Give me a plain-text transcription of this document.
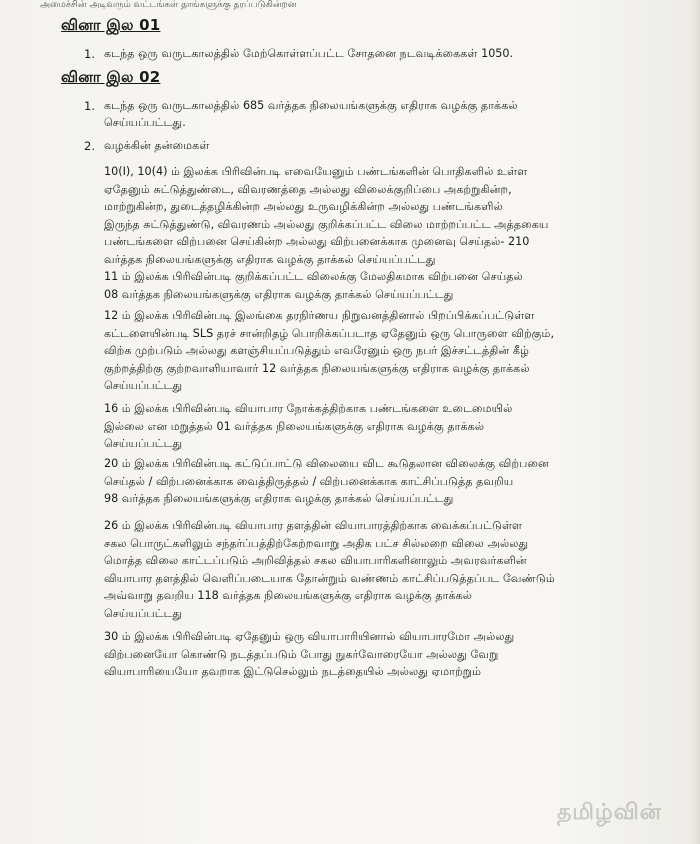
அமைச்சின் அடிவரும் வட்டங்கள் தாங்களுக்கு தரப்படுகின்றன
வினா இல 01
1. கடந்த ஒரு வருடகாலத்தில் மேற்கொள்ளப்பட்ட சோதனை நடவடிக்கைகள் 1050.
வினா இல 02
1. கடந்த ஒரு வருடகாலத்தில் 685 வர்த்தக நிலையங்களுக்கு எதிராக வழக்கு தாக்கல்
செய்யப்பட்டது.
2. வழக்கின் தன்மைகள்
10(I), 10(4) ம் இலக்க பிரிவின்படி எவையேனும் பண்டங்களின் பொதிகளில் உள்ள
ஏதேனும் சுட்டுத்துண்டை, விவரணத்தை அல்லது விலைக்குறிப்பை அகற்றுகின்ற,
மாற்றுகின்ற, துடைத்தழிக்கின்ற அல்லது உருவழிக்கின்ற அல்லது பண்டங்களில்
இருந்த சுட்டுத்துண்டு, விவரணம் அல்லது குறிக்கப்பட்ட விலை மாற்றப்பட்ட அத்தகைய
பண்டங்களை விற்பனை செய்கின்ற அல்லது விற்பனைக்காக முனைவு செய்தல்- 210
வர்த்தக நிலையங்களுக்கு எதிராக வழக்கு தாக்கல் செய்யப்பட்டது
11 ம் இலக்க பிரிவின்படி குறிக்கப்பட்ட விலைக்கு மேலதிகமாக விற்பனை செய்தல்
08 வர்த்தக நிலையங்களுக்கு எதிராக வழக்கு தாக்கல் செய்யப்பட்டது
12 ம் இலக்க பிரிவின்படி இலங்கை தரநிர்ணய நிறுவனத்தினால் பிறப்பிக்கப்பட்டுள்ள
கட்டளையின்படி SLS தரச் சான்றிதழ் பொறிக்கப்படாத ஏதேனும் ஒரு பொருளை விற்கும்,
விற்க முற்படும் அல்லது களஞ்சியப்படுத்தும் எவரேனும் ஒரு நபர் இச்சட்டத்தின் கீழ்
குற்றத்திற்கு குற்றவாளியாவார் 12 வர்த்தக நிலையங்களுக்கு எதிராக வழக்கு தாக்கல்
செய்யப்பட்டது
16 ம் இலக்க பிரிவின்படி வியாபார நோக்கத்திற்காக பண்டங்களை உடைமையில்
இல்லை என மறுத்தல் 01 வர்த்தக நிலையங்களுக்கு எதிராக வழக்கு தாக்கல்
செய்யப்பட்டது
20 ம் இலக்க பிரிவின்படி கட்டுப்பாட்டு விலையை விட கூடுதலான விலைக்கு விற்பனை
செய்தல் / விற்பனைக்காக வைத்திருத்தல் / விற்பனைக்காக காட்சிப்படுத்த தவறிய
98 வர்த்தக நிலையங்களுக்கு எதிராக வழக்கு தாக்கல் செய்யப்பட்டது
26 ம் இலக்க பிரிவின்படி வியாபார தளத்தின் வியாபாரத்திற்காக வைக்கப்பட்டுள்ள
சகல பொருட்களிலும் சந்தர்ப்பத்திற்கேற்றவாறு அதிக பட்ச சில்லறை விலை அல்லது
மொத்த விலை காட்டப்படும் அறிவித்தல் சகல வியாபாரிகளினாலும் அவரவர்களின்
வியாபார தளத்தில் வெளிப்படையாக தோன்றும் வண்ணம் காட்சிப்படுத்தப்பட வேண்டும்
அவ்வாறு தவறிய 118 வர்த்தக நிலையங்களுக்கு எதிராக வழக்கு தாக்கல்
செய்யப்பட்டது
30 ம் இலக்க பிரிவின்படி ஏதேனும் ஒரு வியாபாரியினால் வியாபாரமோ அல்லது
விற்பனையோ கொண்டு நடத்தப்படும் போது நுகர்வோரையோ அல்லது வேறு
வியாபாரியையோ தவறாக இட்டுசெல்லும் நடத்தையில் அல்லது ஏமாற்றும்
தமிழ்வின்
